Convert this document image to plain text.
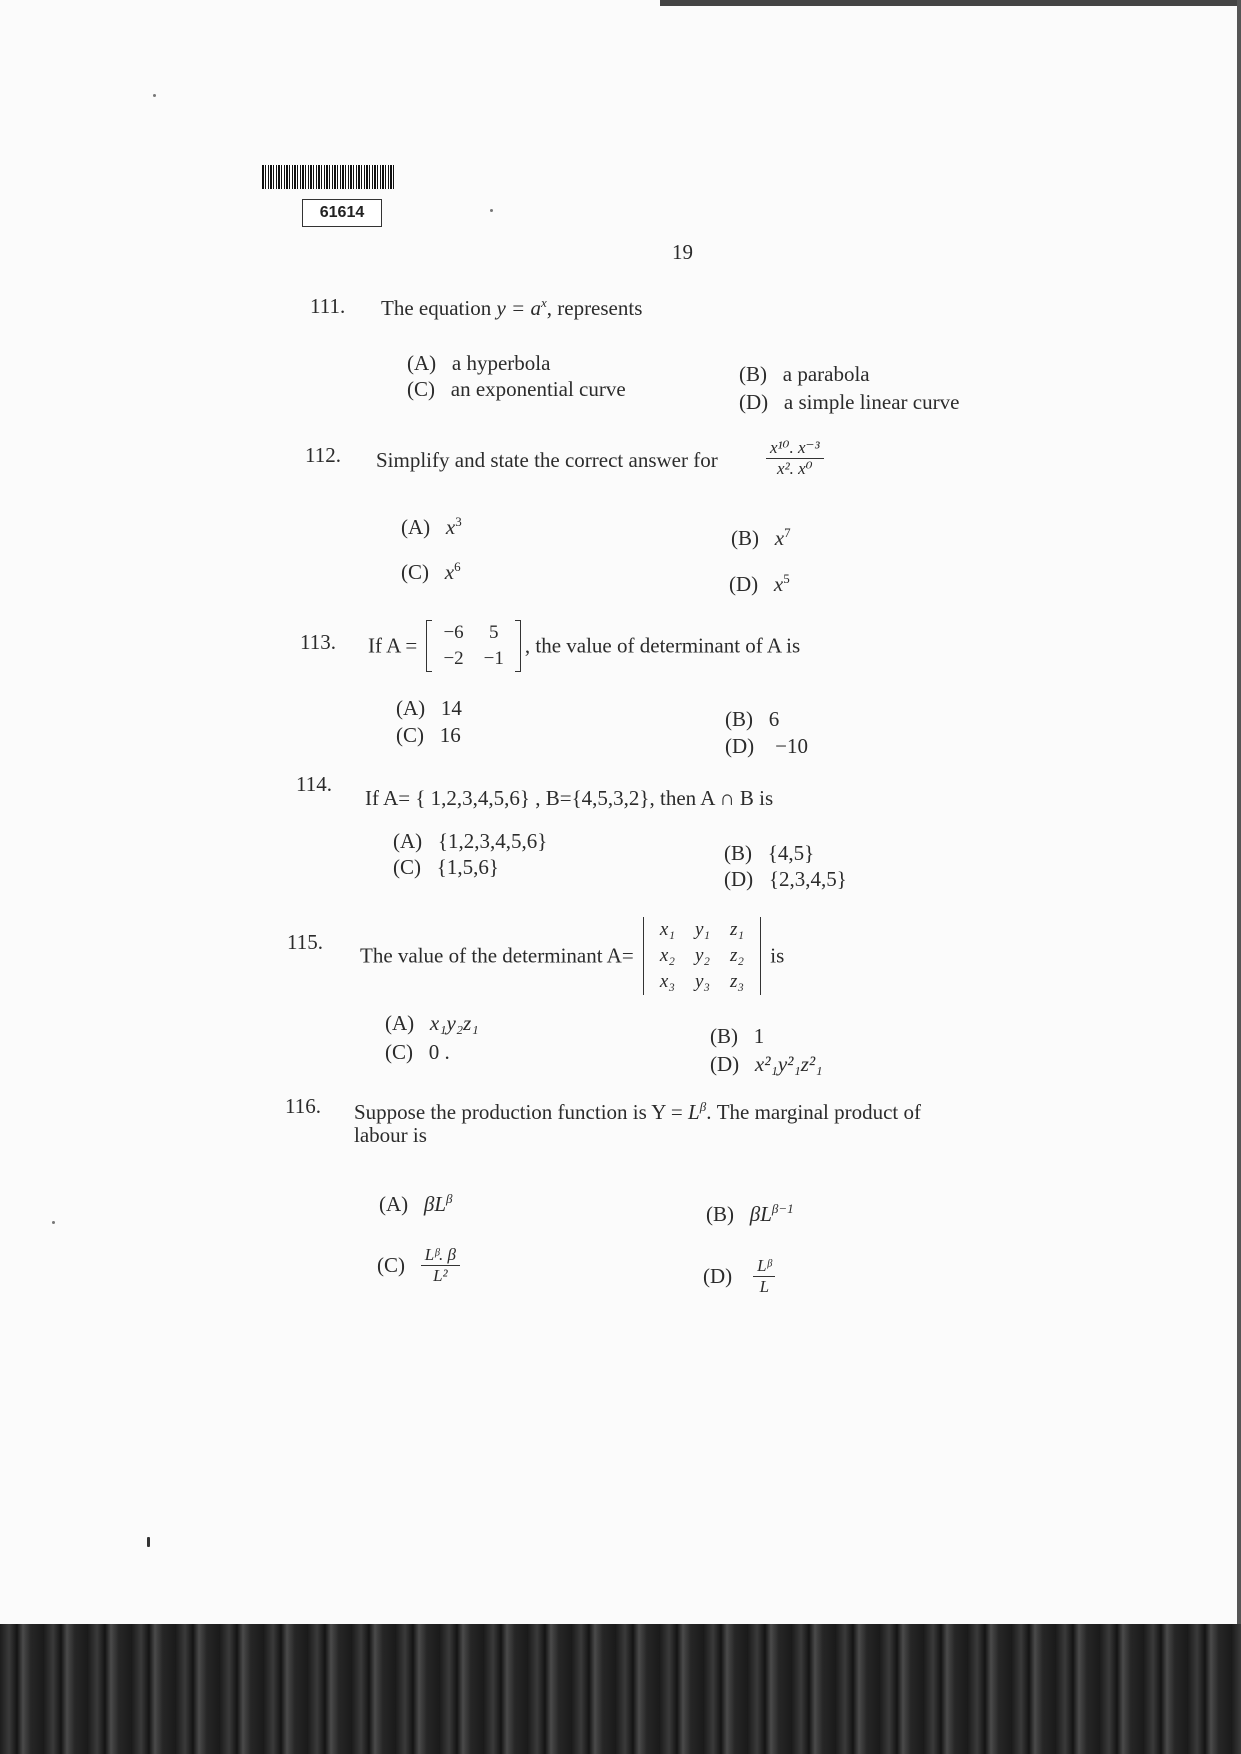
61614
19
111. The equation $y = a^x$, represents
(A) a hyperbola
(C) an exponential curve
(B) a parabola
(D) a simple linear curve
112. Simplify and state the correct answer for	$\frac{\text{x¹⁰. x⁻³}}{\text{x². x⁰}}$
(A) $x^3$
(C) $x^6$
(B) $x^7$
(D) $x^5$
113. If A =
−6	5
−2	−1
, the value of determinant of A is
(A) 14
(C) 16
(B) 6
(D) −10
114.
If A= { 1,2,3,4,5,6} , B={4,5,3,2}, then A ∩ B is
(A) {1,2,3,4,5,6}
(C) {1,5,6}
(B) {4,5}
(D) {2,3,4,5}
115.
The value of the determinant A=
x₁	y₁	z₁
x₂	y₂	z₂
x₃	y₃	z₃
is
(A) x₁y₂z₁
(C) 0 .
(B) 1
(D) x²₁y²₁z²₁
116. Suppose the production function is $Y = L^\beta$. The marginal product of
labour is
(A) $\beta L^\beta$
(B) $\beta L^{\beta-1}$
$(C) \frac{\text{Lᵝ. β}}{\text{L²}}$	$(D) \frac{\text{Lᵝ}}{L}$
